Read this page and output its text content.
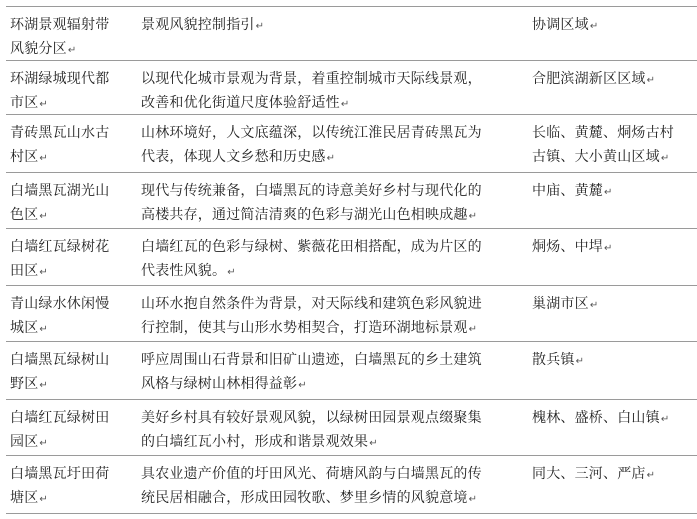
环湖景观辐射带
风貌分区↵
景观风貌控制指引↵	协调区域↵
环湖绿城现代都
市区↵
以现代化城市景观为背景，着重控制城市天际线景观，
改善和优化街道尺度体验舒适性↵
合肥滨湖新区区域↵
青砖黑瓦山水古
村区↵
山林环境好，人文底蕴深，以传统江淮民居青砖黑瓦为
代表，体现人文乡愁和历史感↵
长临、黄麓、烔炀古村
古镇、大小黄山区域↵
白墙黑瓦湖光山
色区↵
现代与传统兼备，白墙黑瓦的诗意美好乡村与现代化的
高楼共存，通过简洁清爽的色彩与湖光山色相映成趣↵
中庙、黄麓↵
白墙红瓦绿树花
田区↵
白墙红瓦的色彩与绿树、紫薇花田相搭配，成为片区的
代表性风貌。↵
烔炀、中垾↵
青山绿水休闲慢
城区↵
山环水抱自然条件为背景，对天际线和建筑色彩风貌进
行控制，使其与山形水势相契合，打造环湖地标景观↵
巢湖市区↵
白墙黑瓦绿树山
野区↵
呼应周围山石背景和旧矿山遗迹，白墙黑瓦的乡土建筑
风格与绿树山林相得益彰↵
散兵镇↵
白墙红瓦绿树田
园区↵
美好乡村具有较好景观风貌，以绿树田园景观点缀聚集
的白墙红瓦小村，形成和谐景观效果↵
槐林、盛桥、白山镇↵
白墙黑瓦圩田荷
塘区↵
具农业遗产价值的圩田风光、荷塘风韵与白墙黑瓦的传
统民居相融合，形成田园牧歌、梦里乡情的风貌意境↵
同大、三河、严店↵
